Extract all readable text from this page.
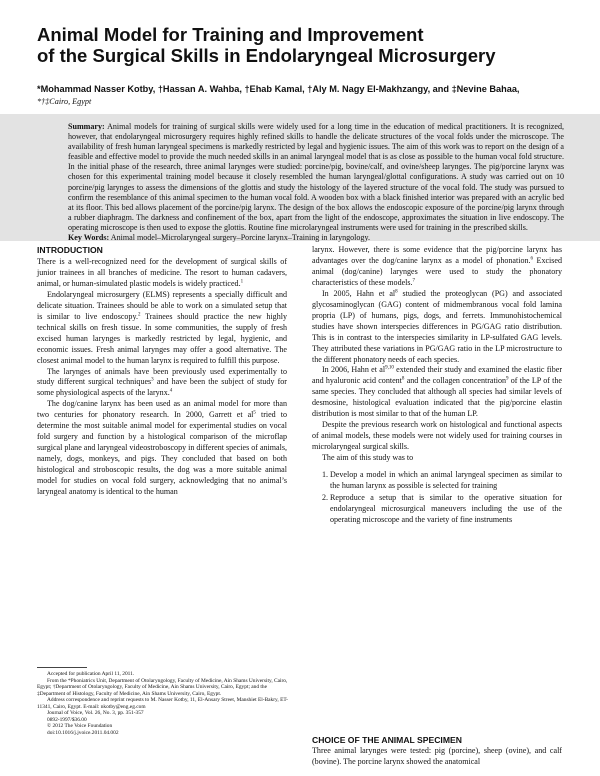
Animal Model for Training and Improvement
of the Surgical Skills in Endolaryngeal Microsurgery
*Mohammad Nasser Kotby, †Hassan A. Wahba, †Ehab Kamal, †Aly M. Nagy El-Makhzangy, and ‡Nevine Bahaa,
*†‡Cairo, Egypt

Summary: Animal models for training of surgical skills were widely used for a long time in the education of medical practitioners. It is recognized, however, that endolaryngeal microsurgery requires highly refined skills to handle the delicate structures of the vocal folds under the microscope. The availability of fresh human laryngeal specimens is markedly restricted by legal and hygienic issues. The aim of this work was to report on the design of a feasible and effective model to provide the much needed skills in an animal laryngeal model that is as close as possible to the human vocal fold structure. In the initial phase of the research, three animal larynges were studied: porcine/pig, bovine/calf, and ovine/sheep larynges. The pig/porcine larynx was chosen for this experimental training model because it closely resembled the human laryngeal/glottal configurations. A study was carried out on 10 porcine/pig larynges to assess the dimensions of the glottis and study the histology of the layered structure of the vocal fold. The study was pursued to confirm the resemblance of this animal specimen to the human vocal fold. A wooden box with a black finished interior was prepared with an acrylic bed at its floor. This bed allows placement of the porcine/pig larynx. The design of the box allows the endoscopic exposure of the porcine/pig larynx through a rubber diaphragm. The darkness and confinement of the box, apart from the light of the endoscope, approximates the situation in live endoscopy. The operating microscope is then used to expose the glottis. Routine fine microlaryngeal instruments were used for training in the prescribed skills.
Key Words: Animal model–Microlaryngeal surgery–Porcine larynx–Training in laryngology.

INTRODUCTION

There is a well-recognized need for the development of surgical skills of junior trainees in all branches of medicine. The resort to human cadavers, animal, or human-simulated plastic models is widely practiced.$^1$

Endolaryngeal microsurgery (ELMS) represents a specially difficult and delicate situation. Trainees should be able to work on a simulated setup that is similar to live endoscopy.$^2$ Trainees should practice the new highly technical skills on fresh tissue. In some communities, the supply of fresh excised human larynges is markedly restricted by legal, hygienic, and economic issues. Fresh animal larynges may offer a good alternative. The closest animal model to the human larynx is required to fulfill this purpose.

The larynges of animals have been previously used experimentally to study different surgical techniques$^3$ and have been the subject of study for some physiological aspects of the larynx.$^4$

The dog/canine larynx has been used as an animal model for more than two centuries for phonatory research. In 2000, Garrett et $al^5$ tried to determine the most suitable animal model for experimental studies on vocal fold surgery and function by a histological comparison of the microflap surgical plane and laryngeal videostroboscopy in different species of animals, namely, dogs, monkeys, and pigs. They concluded that based on both histological and stroboscopic results, the dog was a more suitable animal model for studies on vocal fold surgery, acknowledging that no animal’s laryngeal anatomy is identical to the human

larynx. However, there is some evidence that the pig/porcine larynx has advantages over the dog/canine larynx as a model of phonation.$^6$ Excised animal (dog/canine) larynges were used to study the phonatory characteristics of these models.$^7$

In 2005, Hahn et $al^8$ studied the proteoglycan (PG) and associated glycosaminoglycan (GAG) content of midmembranous vocal fold lamina propria (LP) of humans, pigs, dogs, and ferrets. Immunohistochemical studies have shown interspecies differences in PG/GAG ratio distribution. This is in contrast to the interspecies similarity in LP-sulfated GAG levels. They attributed these variations in PG/GAG ratio in the LP microstructure to the different phonatory needs of each species.

In 2006, Hahn et al$^{9,10}$ extended their study and examined the elastic fiber and hyaluronic acid content$^8$ and the collagen concentration$^9$ of the LP of the same species. They concluded that although all species had similar levels of desmosine, histological evaluation indicated that the pig/porcine elastin distribution is most similar to that of the human LP.

Despite the previous research work on histological and functional aspects of animal models, these models were not widely used for training courses in microlaryngeal surgical skills.

The aim of this study was to

1. Develop a model in which an animal laryngeal specimen as similar to the human larynx as possible is selected for training
2. Reproduce a setup that is similar to the operative situation for endolaryngeal microsurgical maneuvers including the use of the operating microscope and the variety of fine instruments
CHOICE OF THE ANIMAL SPECIMEN

Three animal larynges were tested: pig (porcine), sheep (ovine), and calf (bovine). The porcine larynx showed the anatomical

Accepted for publication April 11, 2011.
From the *Phoniatrics Unit, Department of Otolaryngology, Faculty of Medicine, Ain Shams University, Cairo, Egypt; †Department of Otolaryngology, Faculty of Medicine, Ain Shams University, Cairo, Egypt; and the ‡Department of Histology, Faculty of Medicine, Ain Shams University, Cairo, Egypt.
Address correspondence and reprint requests to M. Nasser Kotby, 11, El-Ansary Street, Manshiet El-Bakry, ET-11341, Cairo, Egypt. E-mail: nkotby@eng.eg.com
Journal of Voice, Vol. 26, No. 3, pp. 351-357
0892-1997/$36.00
© 2012 The Voice Foundation
doi:10.1016/j.jvoice.2011.04.002
